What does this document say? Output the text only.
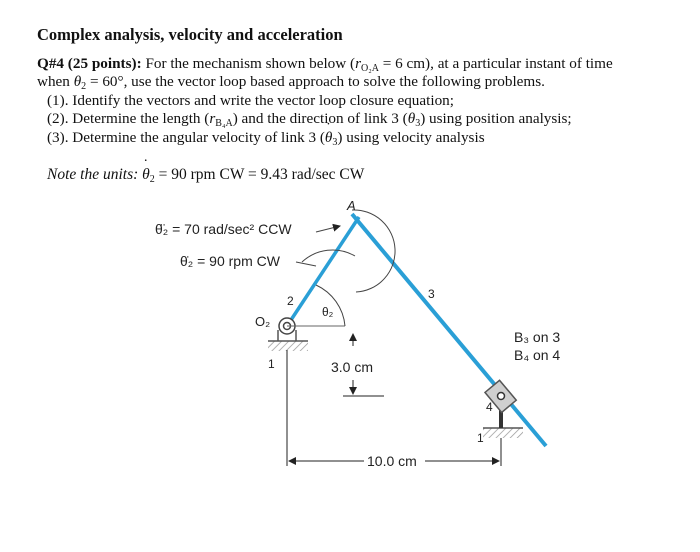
Complex analysis, velocity and acceleration
Q#4 (25 points): For the mechanism shown below ($r_{O_2A} = 6$ cm), at a particular instant of time
when $\theta_2 = 60^\circ$, use the vector loop based approach to solve the following problems.
(1). Identify the vectors and write the vector loop closure equation;
(2). Determine the length $(r_{B_4A})$ and the direction of link 3 $(\theta_3)$ using position analysis;
(3). Determine the angular velocity of link 3 (˙ $\theta_3$) using velocity analysis
Note the units: ˙ $\theta_2 = 90$ rpm CW = 9.43 rad/sec CW
θ̈₂ = 70 rad/sec² CCW
θ̇₂ = 90 rpm CW
A
2	3
4
θ₂
O₂
1
1
3.0 cm
10.0 cm
B₃ on 3
B₄ on 4
